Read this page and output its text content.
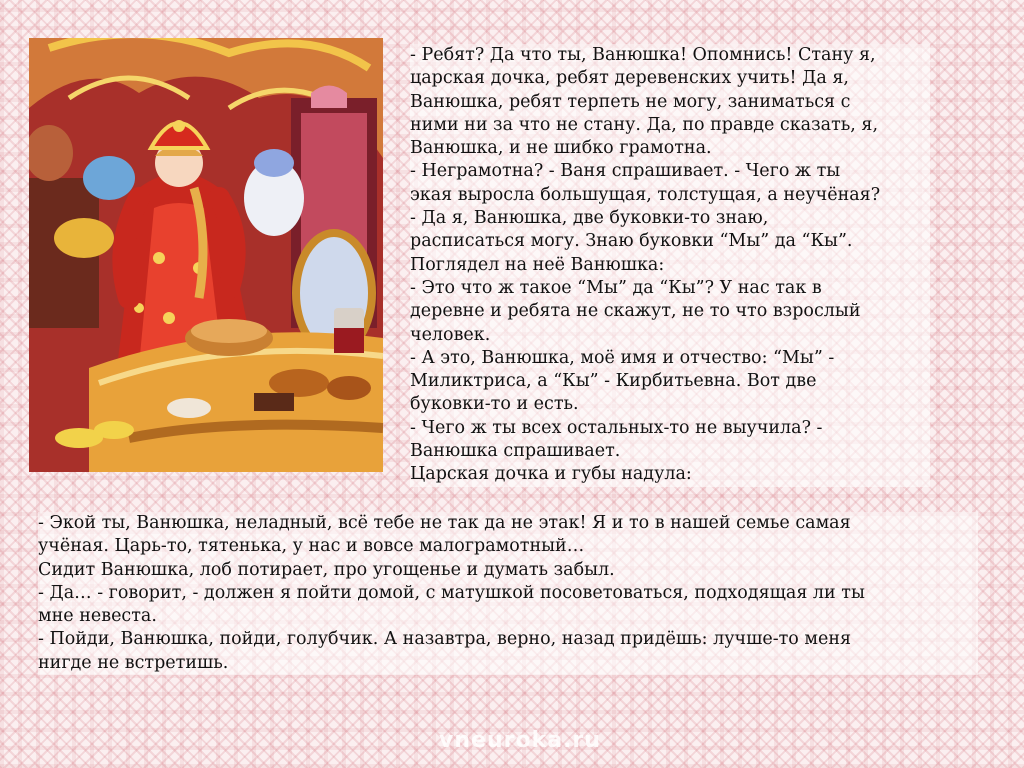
- Ребят? Да что ты, Ванюшка! Опомнись! Стану я,
царская дочка, ребят деревенских учить! Да я,
Ванюшка, ребят терпеть не могу, заниматься с
ними ни за что не стану. Да, по правде сказать, я,
Ванюшка, и не шибко грамотна.
- Неграмотна? - Ваня спрашивает. - Чего ж ты
экая выросла большущая, толстущая, а неучёная?
- Да я, Ванюшка, две буковки-то знаю,
расписаться могу. Знаю буковки “Мы” да “Кы”.
Поглядел на неё Ванюшка:
- Это что ж такое “Мы” да “Кы”? У нас так в
деревне и ребята не скажут, не то что взрослый
человек.
- А это, Ванюшка, моё имя и отчество: “Мы” -
Миликтриса, а “Кы” - Кирбитьевна. Вот две
буковки-то и есть.
- Чего ж ты всех остальных-то не выучила? -
Ванюшка спрашивает.
Царская дочка и губы надула:
- Экой ты, Ванюшка, неладный, всё тебе не так да не этак! Я и то в нашей семье самая
учёная. Царь-то, тятенька, у нас и вовсе малограмотный…
Сидит Ванюшка, лоб потирает, про угощенье и думать забыл.
- Да… - говорит, - должен я пойти домой, с матушкой посоветоваться, подходящая ли ты
мне невеста.
- Пойди, Ванюшка, пойди, голубчик. А назавтра, верно, назад придёшь: лучше-то меня
нигде не встретишь.
vneurokа.ru
